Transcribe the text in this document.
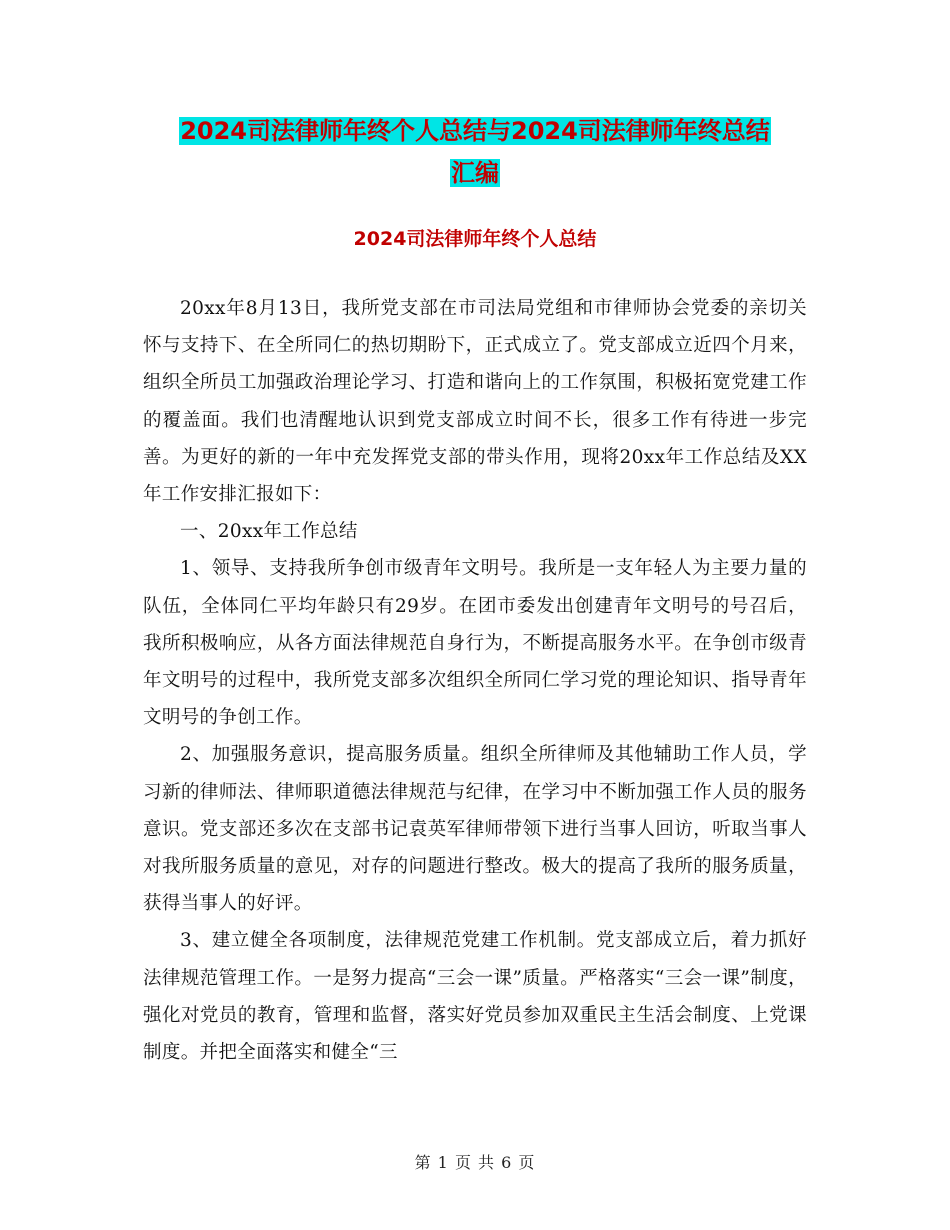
2024司法律师年终个人总结与2024司法律师年终总结
汇编
2024司法律师年终个人总结

20xx年8月13日，我所党支部在市司法局党组和市律师协会党委的亲切关怀与支持下、在全所同仁的热切期盼下，正式成立了。党支部成立近四个月来，组织全所员工加强政治理论学习、打造和谐向上的工作氛围，积极拓宽党建工作的覆盖面。我们也清醒地认识到党支部成立时间不长，很多工作有待进一步完善。为更好的新的一年中充发挥党支部的带头作用，现将20xx年工作总结及XX年工作安排汇报如下：

一、20xx年工作总结

1、领导、支持我所争创市级青年文明号。我所是一支年轻人为主要力量的队伍，全体同仁平均年龄只有29岁。在团市委发出创建青年文明号的号召后，我所积极响应，从各方面法律规范自身行为，不断提高服务水平。在争创市级青年文明号的过程中，我所党支部多次组织全所同仁学习党的理论知识、指导青年文明号的争创工作。

2、加强服务意识，提高服务质量。组织全所律师及其他辅助工作人员，学习新的律师法、律师职道德法律规范与纪律，在学习中不断加强工作人员的服务意识。党支部还多次在支部书记袁英军律师带领下进行当事人回访，听取当事人对我所服务质量的意见，对存的问题进行整改。极大的提高了我所的服务质量，获得当事人的好评。

3、建立健全各项制度，法律规范党建工作机制。党支部成立后，着力抓好法律规范管理工作。一是努力提高“三会一课”质量。严格落实“三会一课”制度，强化对党员的教育，管理和监督，落实好党员参加双重民主生活会制度、上党课制度。并把全面落实和健全“三

第 1 页 共 6 页
